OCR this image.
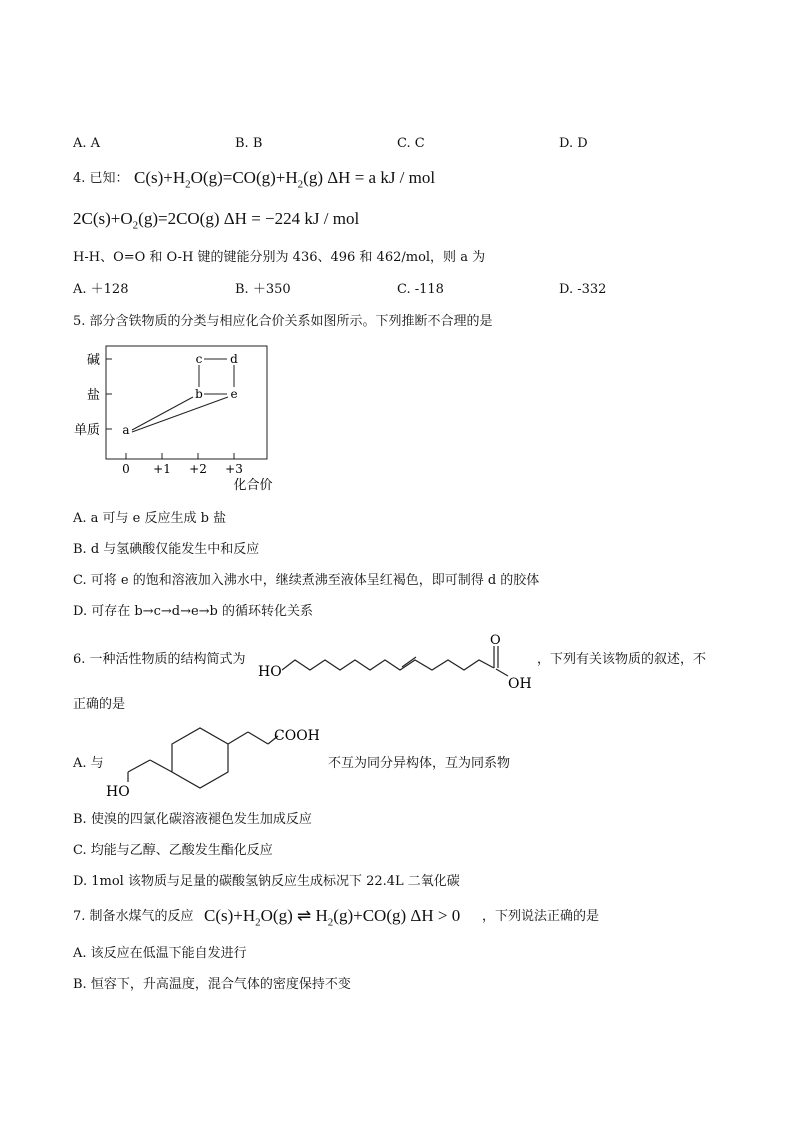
A. A	B. B	C. C	D. D
4. 已知： $C(s)+H_2O(g)=CO(g)+H_2(g) \Delta H = a$ kJ / mol
$2C(s)+O_2(g)=2CO(g) \Delta H = -224$ kJ / mol
H-H、O=O 和 O-H 键的键能分别为 436、496 和 462/mol，则 a 为
A. ＋128	B. ＋350	C. -118	D. -332
5. 部分含铁物质的分类与相应化合价关系如图所示。下列推断不合理的是
碱
盐
单质
0 +1 +2 +3
化合价
c d
b e
a
A. a 可与 e 反应生成 b 盐
B. d 与氢碘酸仅能发生中和反应
C. 可将 e 的饱和溶液加入沸水中，继续煮沸至液体呈红褐色，即可制得 d 的胶体
D. 可存在 b→c→d→e→b 的循环转化关系
6. 一种活性物质的结构简式为
HO
O
OH
，下列有关该物质的叙述，不
正确的是
A. 与
COOH
HO
不互为同分异构体，互为同系物
B. 使溴的四氯化碳溶液褪色发生加成反应
C. 均能与乙醇、乙酸发生酯化反应
D. 1mol 该物质与足量的碳酸氢钠反应生成标况下 22.4L 二氧化碳
7. 制备水煤气的反应 $C(s)+H_2O(g)$ ⇌ $H_2(g)+CO(g) \Delta H > 0$ ，下列说法正确的是
A. 该反应在低温下能自发进行
B. 恒容下，升高温度，混合气体的密度保持不变
